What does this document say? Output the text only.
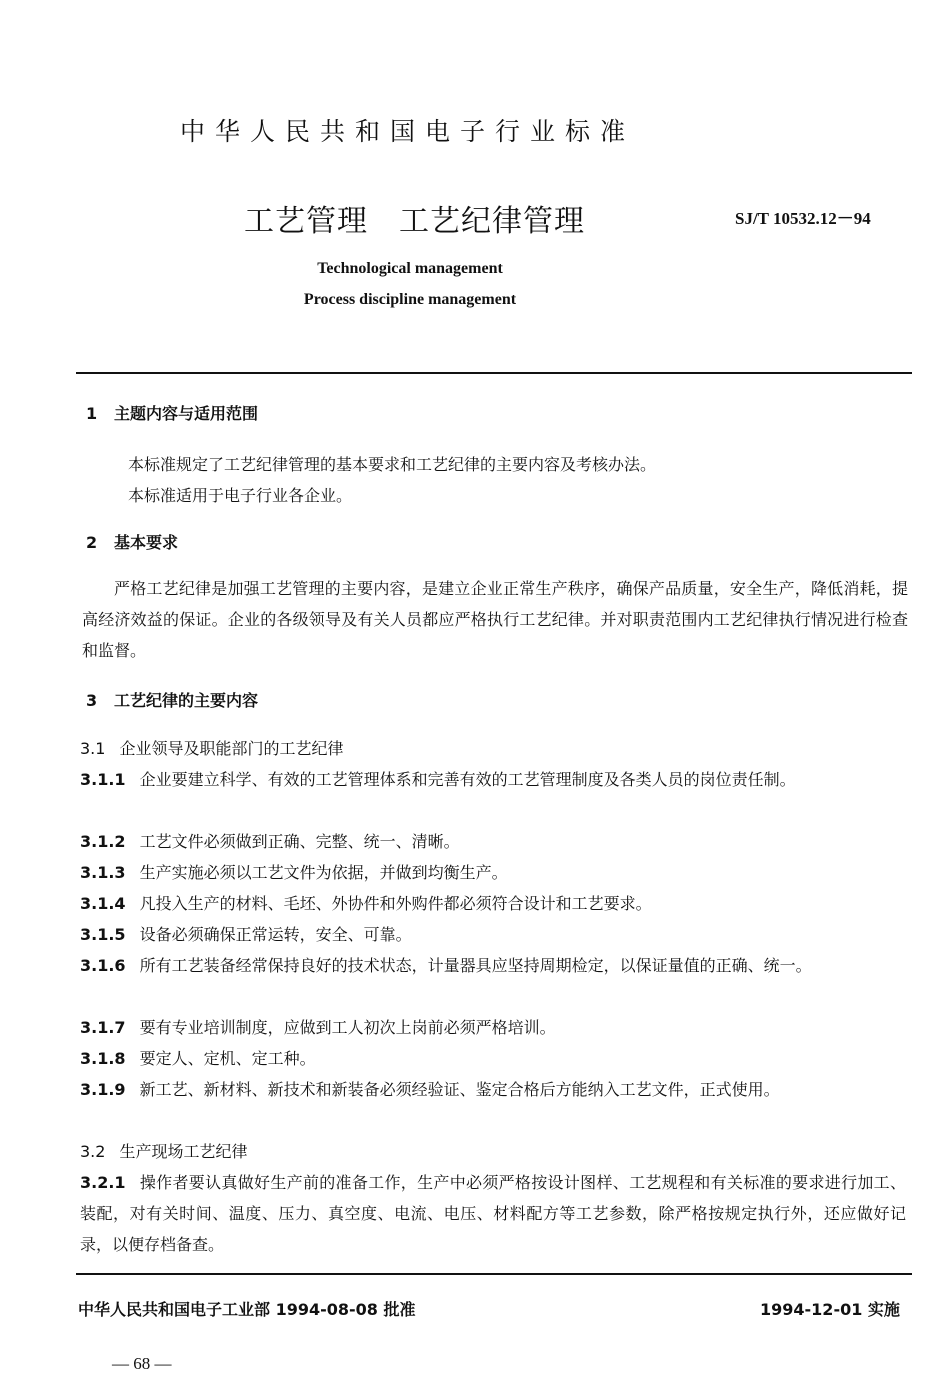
中华人民共和国电子行业标准
工艺管理　工艺纪律管理	SJ/T 10532.12－94
Technological management
Process discipline management
1 主题内容与适用范围
本标准规定了工艺纪律管理的基本要求和工艺纪律的主要内容及考核办法。
本标准适用于电子行业各企业。
2 基本要求
严格工艺纪律是加强工艺管理的主要内容，是建立企业正常生产秩序，确保产品质量，安全生产，降低消耗，提高经济效益的保证。企业的各级领导及有关人员都应严格执行工艺纪律。并对职责范围内工艺纪律执行情况进行检查和监督。
3 工艺纪律的主要内容
3.1 企业领导及职能部门的工艺纪律
3.1.1 企业要建立科学、有效的工艺管理体系和完善有效的工艺管理制度及各类人员的岗位责任制。
3.1.2 工艺文件必须做到正确、完整、统一、清晰。
3.1.3 生产实施必须以工艺文件为依据，并做到均衡生产。
3.1.4 凡投入生产的材料、毛坯、外协件和外购件都必须符合设计和工艺要求。
3.1.5 设备必须确保正常运转，安全、可靠。
3.1.6 所有工艺装备经常保持良好的技术状态，计量器具应坚持周期检定，以保证量值的正确、统一。
3.1.7 要有专业培训制度，应做到工人初次上岗前必须严格培训。
3.1.8 要定人、定机、定工种。
3.1.9 新工艺、新材料、新技术和新装备必须经验证、鉴定合格后方能纳入工艺文件，正式使用。
3.2 生产现场工艺纪律
3.2.1 操作者要认真做好生产前的准备工作，生产中必须严格按设计图样、工艺规程和有关标准的要求进行加工、装配，对有关时间、温度、压力、真空度、电流、电压、材料配方等工艺参数，除严格按规定执行外，还应做好记录，以便存档备查。
中华人民共和国电子工业部 1994-08-08 批准	1994-12-01 实施
— 68 —
